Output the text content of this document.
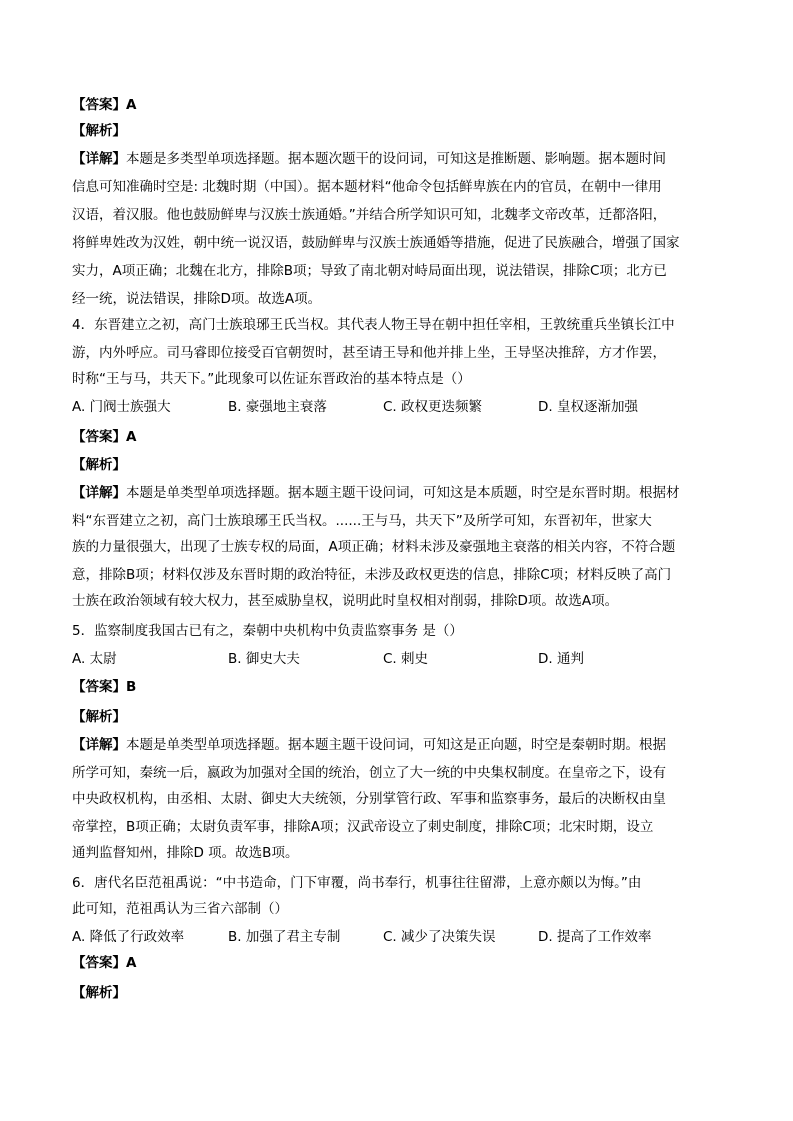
【答案】A
【解析】
【详解】本题是多类型单项选择题。据本题次题干的设问词，可知这是推断题、影响题。据本题时间
信息可知准确时空是: 北魏时期（中国）。据本题材料“他命令包括鲜卑族在内的官员，在朝中一律用
汉语，着汉服。他也鼓励鲜卑与汉族士族通婚。”并结合所学知识可知，北魏孝文帝改革，迁都洛阳，
将鲜卑姓改为汉姓，朝中统一说汉语，鼓励鲜卑与汉族士族通婚等措施，促进了民族融合，增强了国家
实力，A项正确；北魏在北方，排除B项；导致了南北朝对峙局面出现，说法错误，排除C项；北方已
经一统，说法错误，排除D项。故选A项。
4．东晋建立之初，高门士族琅琊王氏当权。其代表人物王导在朝中担任宰相，王敦统重兵坐镇长江中
游，内外呼应。司马睿即位接受百官朝贺时，甚至请王导和他并排上坐，王导坚决推辞，方才作罢，
时称“王与马，共天下。”此现象可以佐证东晋政治的基本特点是（）
A. 门阀士族强大	B. 豪强地主衰落	C. 政权更迭频繁	D. 皇权逐渐加强
【答案】A
【解析】
【详解】本题是单类型单项选择题。据本题主题干设问词，可知这是本质题，时空是东晋时期。根据材
料“东晋建立之初，高门士族琅琊王氏当权。......王与马，共天下”及所学可知，东晋初年，世家大
族的力量很强大，出现了士族专权的局面，A项正确；材料未涉及豪强地主衰落的相关内容，不符合题
意，排除B项；材料仅涉及东晋时期的政治特征，未涉及政权更迭的信息，排除C项；材料反映了高门
士族在政治领域有较大权力，甚至威胁皇权，说明此时皇权相对削弱，排除D项。故选A项。
5．监察制度我国古已有之，秦朝中央机构中负责监察事务 是（）
A. 太尉	B. 御史大夫	C. 刺史	D. 通判
【答案】B
【解析】
【详解】本题是单类型单项选择题。据本题主题干设问词，可知这是正向题，时空是秦朝时期。根据
所学可知，秦统一后，嬴政为加强对全国的统治，创立了大一统的中央集权制度。在皇帝之下，设有
中央政权机构，由丞相、太尉、御史大夫统领，分别掌管行政、军事和监察事务，最后的决断权由皇
帝掌控，B项正确；太尉负责军事，排除A项；汉武帝设立了刺史制度，排除C项；北宋时期，设立
通判监督知州，排除D 项。故选B项。
6．唐代名臣范祖禹说：“中书造命，门下审覆，尚书奉行，机事往往留滞，上意亦颇以为悔。”由
此可知，范祖禹认为三省六部制（）
A. 降低了行政效率	B. 加强了君主专制	C. 减少了决策失误	D. 提高了工作效率
【答案】A
【解析】
